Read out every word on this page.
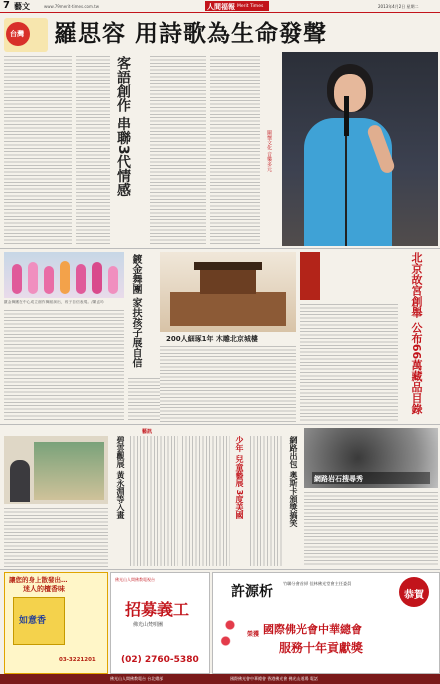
7 藝文	www.79merit-times.com.tw	人間福報 Merit Times	2013年4月2日 星期二
台灣 羅思容 用詩歌為生命發聲
客語創作 串聯3代情感	關懷文化 音樂多元
鍍金舞團在中心成立創作舞蹈演出，孩子自信表現。/陳孟吟	鍍金舞團 家扶孩子展自信	200人細琢1年 木雕北京城樓	北京故宮創舉 公布66萬藏品目錄
藝訊
碧雲觀展 黃永淵等入畫	少年 兒童藝展 3度美國	網路出包 奥斯卡頒獎搞笑 網路岩石搜尋秀
讓您的身上散發出…
迷人的檀香味
如意香
03-3221201
佛光山人間佛教電視台
招募義工
佛光山梵唄團
(02) 2760-5380
許源析
竹聯分會首掃 佳林佛光堂會主任委員
恭賀
榮獲 國際佛光會中華總會
服務十年貢獻獎
佛光山人間佛教電台 台北總部	國際佛光會中華總會 香港佛光會 佛光山道場 電話
